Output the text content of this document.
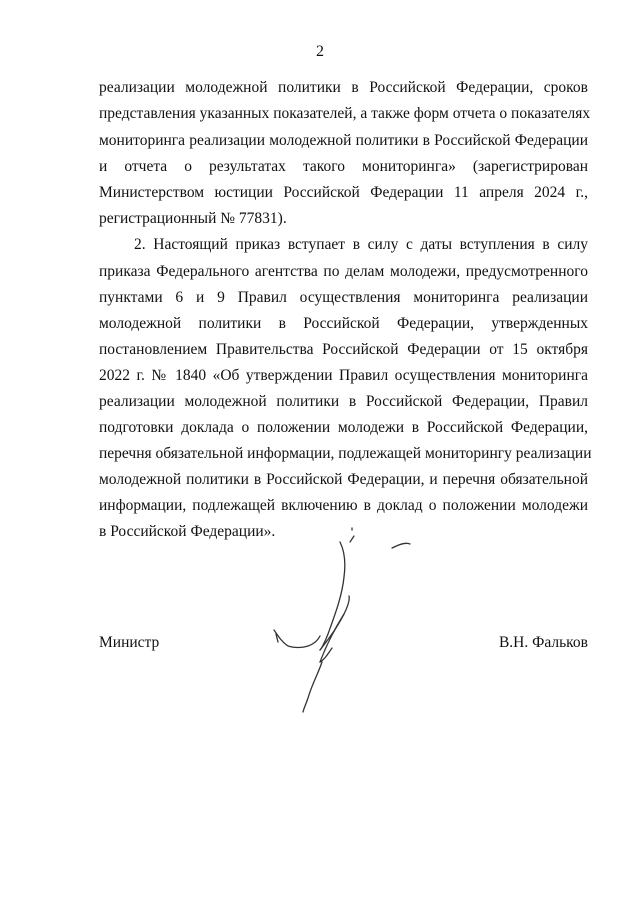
2
реализации молодежной политики в Российской Федерации, сроков
представления указанных показателей, а также форм отчета о показателях
мониторинга реализации молодежной политики в Российской Федерации
и отчета о результатах такого мониторинга» (зарегистрирован
Министерством юстиции Российской Федерации 11 апреля 2024 г.,
регистрационный № 77831).
2. Настоящий приказ вступает в силу с даты вступления в силу
приказа Федерального агентства по делам молодежи, предусмотренного
пунктами 6 и 9 Правил осуществления мониторинга реализации
молодежной политики в Российской Федерации, утвержденных
постановлением Правительства Российской Федерации от 15 октября
2022 г. № 1840 «Об утверждении Правил осуществления мониторинга
реализации молодежной политики в Российской Федерации, Правил
подготовки доклада о положении молодежи в Российской Федерации,
перечня обязательной информации, подлежащей мониторингу реализации
молодежной политики в Российской Федерации, и перечня обязательной
информации, подлежащей включению в доклад о положении молодежи
в Российской Федерации».
Министр	В.Н. Фальков
